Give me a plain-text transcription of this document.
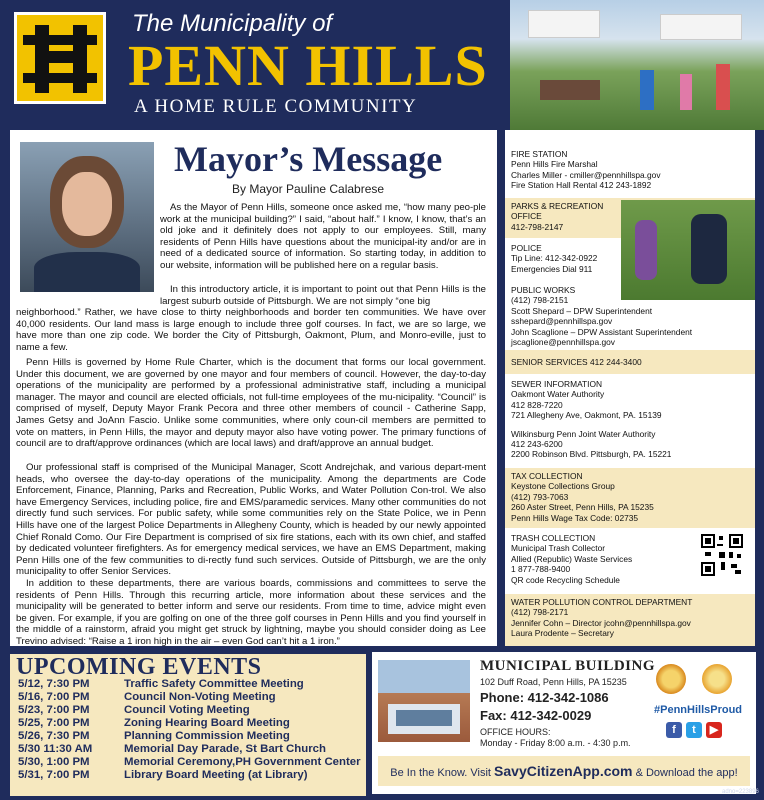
The Municipality of
PENN HILLS
A HOME RULE COMMUNITY
Mayor’s Message
By Mayor Pauline Calabrese

As the Mayor of Penn Hills, someone once asked me, “how many peo-ple work at the municipal building?” I said, “about half.” I know, I know, that’s an old joke and it definitely does not apply to our employees. Still, many residents of Penn Hills have questions about the municipal-ity and/or are in need of a dedicated source of information. So starting today, in addition to our website, information will be published here on a regular basis.

In this introductory article, it is important to point out that Penn Hills is the largest suburb outside of Pittsburgh. We are not simply “one big

neighborhood.” Rather, we have close to thirty neighborhoods and border ten communities. We have over 40,000 residents. Our land mass is large enough to include three golf courses. In fact, we are so large, we have more than one zip code. We border the City of Pittsburgh, Oakmont, Plum, and Monro-eville, just to name a few.

Penn Hills is governed by Home Rule Charter, which is the document that forms our local government. Under this document, we are governed by one mayor and four members of council. However, the day-to-day operations of the municipality are performed by a professional administrative staff, including a municipal manager. The mayor and council are elected officials, not full-time employees of the mu-nicipality. “Council” is comprised of myself, Deputy Mayor Frank Pecora and three other members of council - Catherine Sapp, James Getsy and JoAnn Fascio. Unlike some communities, where only coun-cil members are permitted to vote on matters, in Penn Hills, the mayor and deputy mayor also have voting power. The primary functions of council are to draft/approve ordinances (which are local laws) and draft/approve an annual budget.

Our professional staff is comprised of the Municipal Manager, Scott Andrejchak, and various depart-ment heads, who oversee the day-to-day operations of the municipality. Among the departments are Code Enforcement, Finance, Planning, Parks and Recreation, Public Works, and Water Pollution Con-trol. We also have Emergency Services, including police, fire and EMS/paramedic services. Many other communities do not directly fund such services. For public safety, while some communities rely on the State Police, we in Penn Hills have one of the largest Police Departments in Allegheny County, which is headed by our newly appointed Chief Ronald Como. Our Fire Department is comprised of six fire stations, each with its own chief, and staffed by dedicated volunteer firefighters. As for emergency medical services, we have an EMS Department, making Penn Hills one of the few communities to di-rectly fund such services. Outside of Pittsburgh, we are the only municipality to offer Senior Services.

In addition to these departments, there are various boards, commissions and committees to serve the residents of Penn Hills. Through this recurring article, more information about these services and the municipality will be generated to better inform and serve our residents. From time to time, advice might even be given. For example, if you are golfing on one of the three golf courses in Penn Hills and you find yourself in the middle of a rainstorm, afraid you might get struck by lightning, maybe you should consider doing as Lee Trevino advised: “Raise a 1 iron high in the air – even God can’t hit a 1 iron.”

FIRE STATION
Penn Hills Fire Marshal
Charles Miller - cmiller@pennhillspa.gov
Fire Station Hall Rental 412 243-1892
PARKS & RECREATION
OFFICE
412-798-2147
POLICE
Tip Line: 412-342-0922
Emergencies Dial 911
PUBLIC WORKS
(412) 798-2151
Scott Shepard – DPW Superintendent
sshepard@pennhillspa.gov
John Scaglione – DPW Assistant Superintendent
jscaglione@pennhillspa.gov
SENIOR SERVICES 412 244-3400
SEWER INFORMATION
Oakmont Water Authority
412 828-7220
721 Allegheny Ave, Oakmont, PA. 15139
Wilkinsburg Penn Joint Water Authority
412 243-6200
2200 Robinson Blvd. Pittsburgh, PA. 15221
TAX COLLECTION
Keystone Collections Group
(412) 793-7063
260 Aster Street, Penn Hills, PA 15235
Penn Hills Wage Tax Code: 02735
TRASH COLLECTION
Municipal Trash Collector
Allied (Republic) Waste Services
1 877-788-9400
QR code Recycling Schedule
WATER POLLUTION CONTROL DEPARTMENT
(412) 798-2171
Jennifer Cohn – Director jcohn@pennhillspa.gov
Laura Prodente – Secretary
5/12, 7:30 PM	Traffic Safety Committee Meeting
5/16, 7:00 PM	Council Non-Voting Meeting
5/23, 7:00 PM	Council Voting Meeting
5/25, 7:00 PM	Zoning Hearing Board Meeting
5/26, 7:30 PM	Planning Commission Meeting
5/30 11:30 AM	Memorial Day Parade, St Bart Church
5/30, 1:00 PM	Memorial Ceremony,PH Government Center
5/31, 7:00 PM	Library Board Meeting (at Library)
UPCOMING EVENTS	MUNICIPAL BUILDING
102 Duff Road, Penn Hills, PA 15235
Phone: 412-342-1086
Fax: 412-342-0029
OFFICE HOURS:
Monday - Friday 8:00 a.m. - 4:30 p.m.
#PennHillsProud
f	t	▶
Be In the Know. Visit SavyCitizenApp.com & Download the app!
adno=223896
